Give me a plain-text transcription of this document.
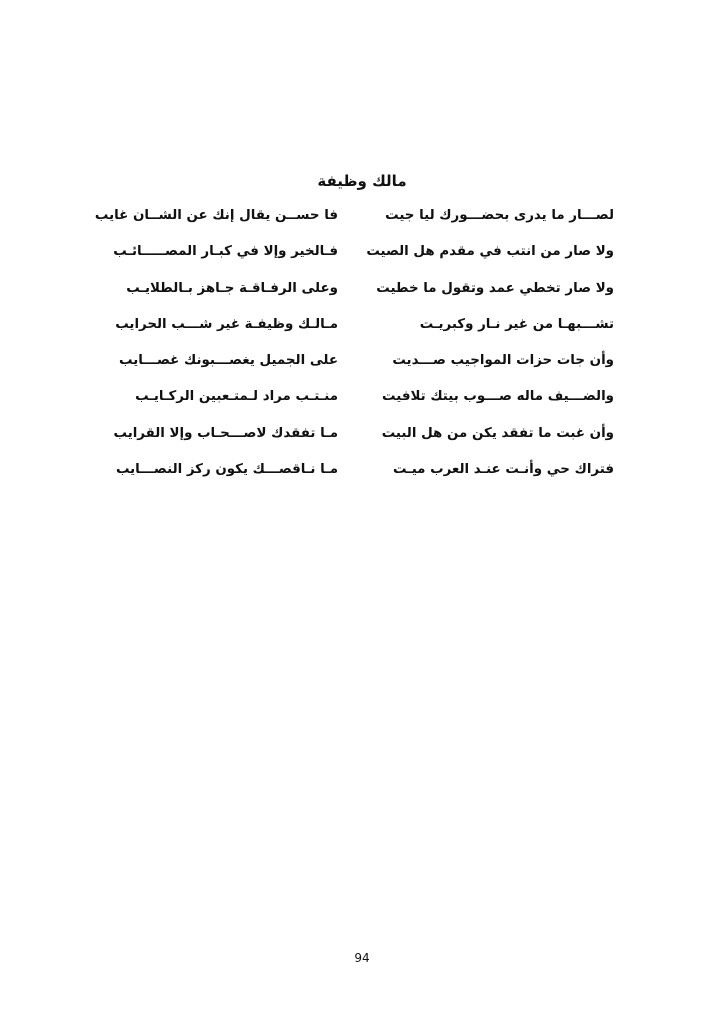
مالك وظيفة
لصـــار ما يدرى بحضـــورك ليا جيت
فا حســن يقال إنك عن الشــان غايب
ولا صار من انتب في مقدم هل الصيت
فـالخير وإلا في كبـار المصـــــائـب
ولا صار تخطي عمد وتقول ما خطيت
وعلى الرفـاقـة جـاهز بـالطلايـب
تشـــبهـا من غير نـار وكبريـت
مـالـك وظيفـة غير شـــب الحرايب
وأن جات حزات المواجيب صـــديت
على الجميل يغصـــبونك غصـــايب
والضـــيف ماله صـــوب بيتك تلافيت
منـتـب مراد لـمتـعبين الركـايـب
وأن غبت ما تفقد يكن من هل البيت
مـا تفقدك لاصـــحـاب وإلا القرايب
فتراك حي وأنـت عنـد العرب ميـت
مـا نـاقصـــك يكون ركز النصـــايب
94
